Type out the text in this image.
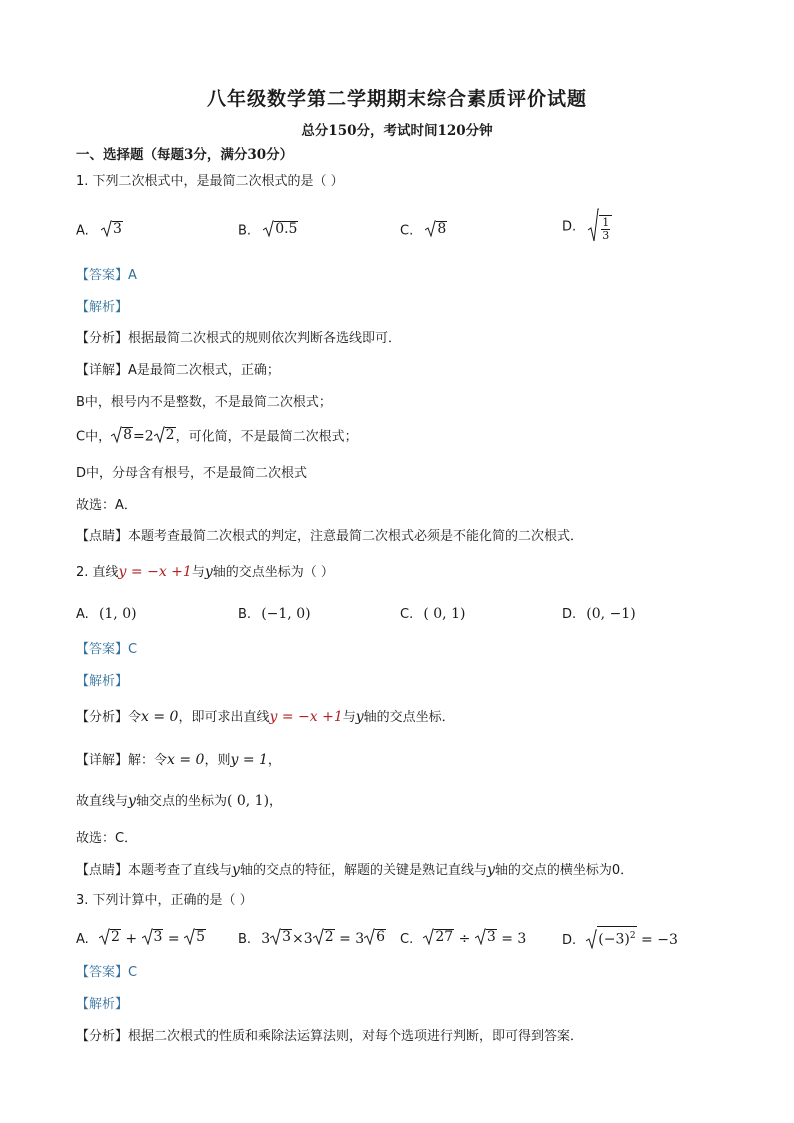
八年级数学第二学期期末综合素质评价试题
总分150分，考试时间120分钟
一、选择题（每题3分，满分30分）
1. 下列二次根式中，是最简二次根式的是（ ）
A. 3	B. 0.5	C. 8	D. $\frac{1}{3}$
【答案】A
【解析】
【分析】根据最简二次根式的规则依次判断各选线即可．
【详解】A是最简二次根式，正确；
B中，根号内不是整数，不是最简二次根式；
C中， 8 =2 2 ，可化简，不是最简二次根式；
D中，分母含有根号，不是最简二次根式
故选：A．
【点睛】本题考查最简二次根式的判定，注意最简二次根式必须是不能化简的二次根式．
2. 直线y = −x +1与y轴的交点坐标为（ ）
A. (1, 0)	B. (−1, 0)	C. ( 0, 1)	D. (0, −1)
【答案】C
【解析】
【分析】令x = 0，即可求出直线y = −x +1与y轴的交点坐标．
【详解】解：令x = 0，则y = 1，
故直线与y轴交点的坐标为( 0, 1)，
故选：C．
【点睛】本题考查了直线与y轴的交点的特征，解题的关键是熟记直线与y轴的交点的横坐标为0．
3. 下列计算中，正确的是（ ）
A. 2 + 3 = 5	B. 3 3 ×3 2 = 3 6 C. 27 ÷ 3 = 3	D. $(-3)^2 = -3$
【答案】C
【解析】
【分析】根据二次根式的性质和乘除法运算法则，对每个选项进行判断，即可得到答案．
